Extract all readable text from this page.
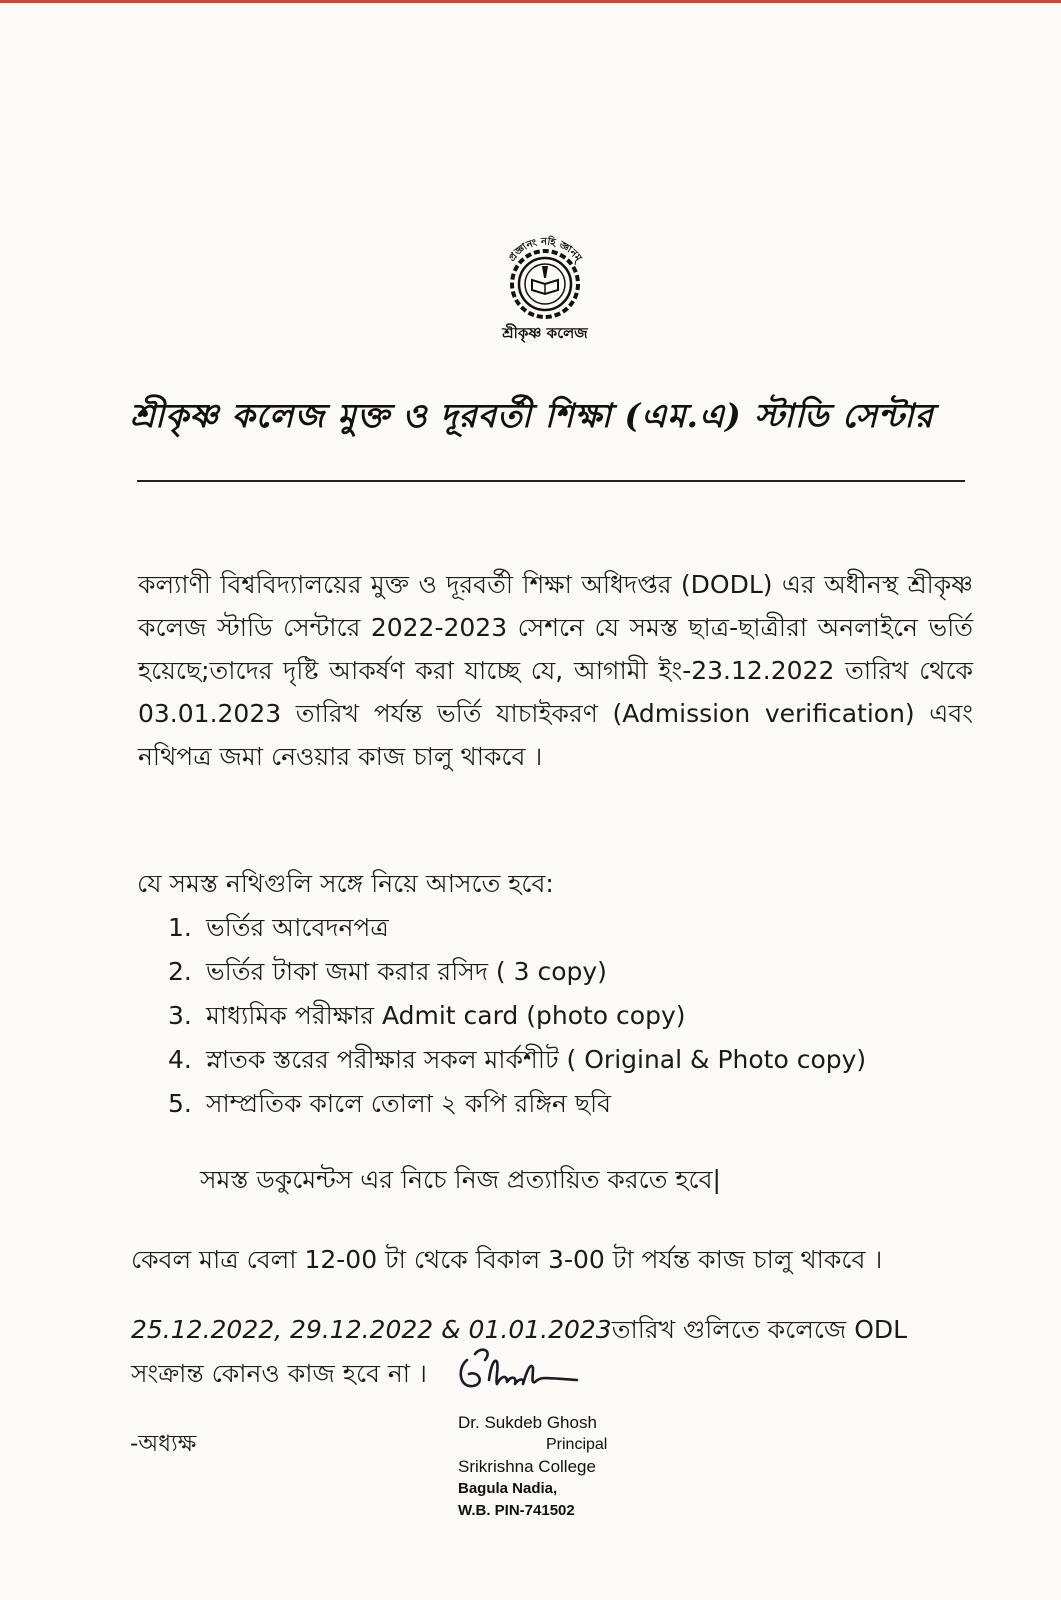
প্রজ্ঞানং নহি জ্ঞানম্
শ্রীকৃষ্ণ কলেজ
শ্রীকৃষ্ণ কলেজ মুক্ত ও দূরবর্তী শিক্ষা (এম.এ) স্টাডি সেন্টার
কল্যাণী বিশ্ববিদ্যালয়ের মুক্ত ও দূরবর্তী শিক্ষা অধিদপ্তর (DODL) এর অধীনস্থ শ্রীকৃষ্ণ কলেজ স্টাডি সেন্টারে 2022-2023 সেশনে যে সমস্ত ছাত্র-ছাত্রীরা অনলাইনে ভর্তি হয়েছে;তাদের দৃষ্টি আকর্ষণ করা যাচ্ছে যে, আগামী ইং-23.12.2022 তারিখ থেকে 03.01.2023 তারিখ পর্যন্ত ভর্তি যাচাইকরণ (Admission verification) এবং নথিপত্র জমা নেওয়ার কাজ চালু থাকবে ।
যে সমস্ত নথিগুলি সঙ্গে নিয়ে আসতে হবে:
1. ভর্তির আবেদনপত্র
2. ভর্তির টাকা জমা করার রসিদ ( 3 copy)
3. মাধ্যমিক পরীক্ষার Admit card (photo copy)
4. স্নাতক স্তরের পরীক্ষার সকল মার্কশীট ( Original & Photo copy)
5. সাম্প্রতিক কালে তোলা ২ কপি রঙ্গিন ছবি
সমস্ত ডকুমেন্টস এর নিচে নিজ প্রত্যায়িত করতে হবে|
কেবল মাত্র বেলা 12-00 টা থেকে বিকাল 3-00 টা পর্যন্ত কাজ চালু থাকবে ।
25.12.2022, 29.12.2022 & 01.01.2023তারিখ গুলিতে কলেজে ODL সংক্রান্ত কোনও কাজ হবে না ।
-অধ্যক্ষ
Dr. Sukdeb Ghosh
Principal
Srikrishna College
Bagula Nadia,
W.B. PIN-741502
